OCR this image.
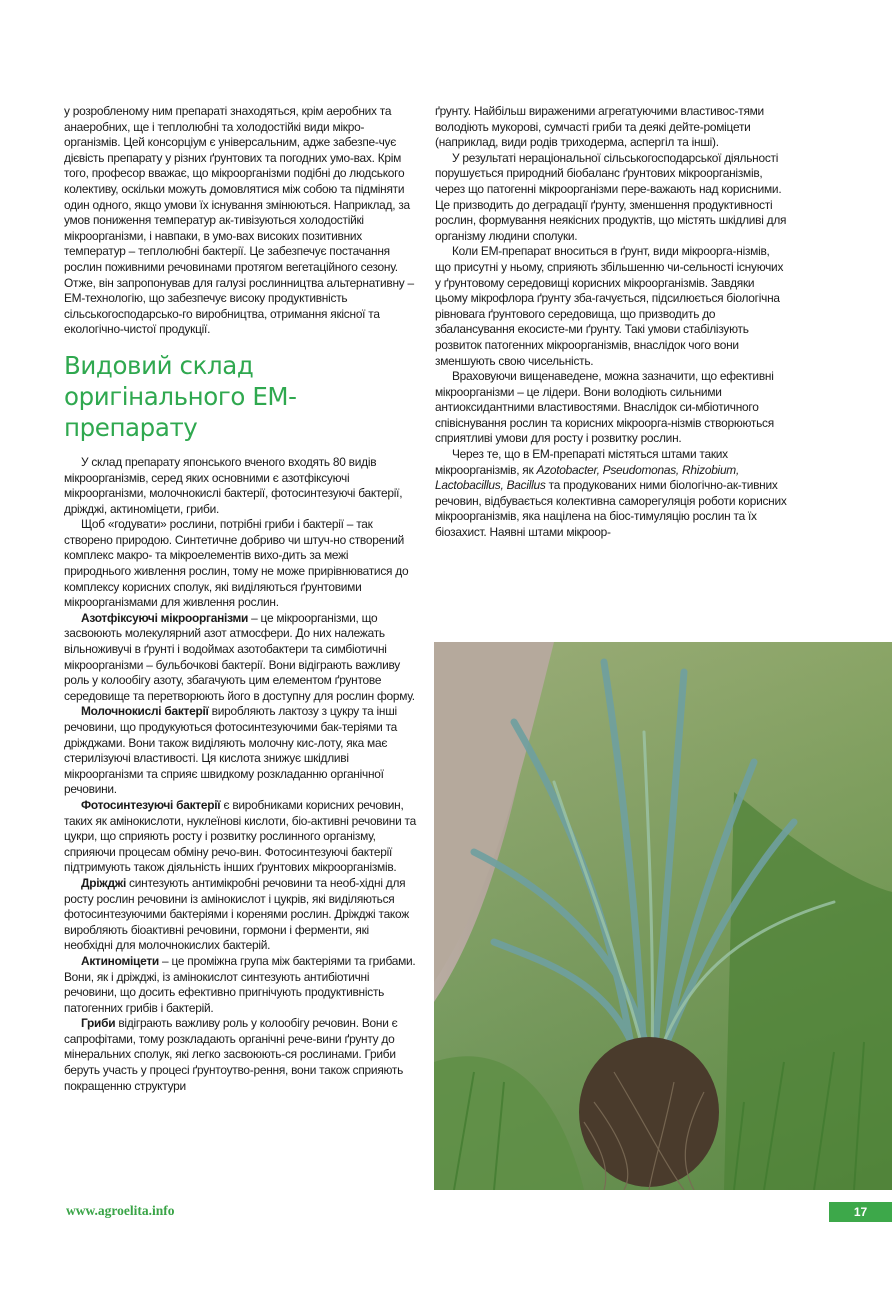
у розробленому ним препараті знаходяться, крім аеробних та анаеробних, ще і теплолюбні та холодостійкі види мікро-організмів. Цей консорціум є універсальним, адже забезпе-чує дієвість препарату у різних ґрунтових та погодних умо-вах. Крім того, професор вважає, що мікроорганізми подібні до людського колективу, оскільки можуть домовлятися між собою та підміняти один одного, якщо умови їх існування змінюються. Наприклад, за умов пониження температур ак-тивізуються холодостійкі мікроорганізми, і навпаки, в умо-вах високих позитивних температур – теплолюбні бактерії. Це забезпечує постачання рослин поживними речовинами протягом вегетаційного сезону. Отже, він запропонував для галузі рослинництва альтернативну – ЕМ-технологію, що забезпечує високу продуктивність сільськогосподарсько-го виробництва, отримання якісної та екологічно-чистої продукції.

Видовий склад оригінального ЕМ-препарату

У склад препарату японського вченого входять 80 видів мікроорганізмів, серед яких основними є азотфіксуючі мікроорганізми, молочнокислі бактерії, фотосинтезуючі бактерії, дріжджі, актиноміцети, гриби.

Щоб «годувати» рослини, потрібні гриби і бактерії – так створено природою. Синтетичне добриво чи штуч-но створений комплекс макро- та мікроелементів вихо-дить за межі природнього живлення рослин, тому не може прирівнюватися до комплексу корисних сполук, які виділяються ґрунтовими мікроорганізмами для живлення рослин.

Азотфіксуючі мікроорганізми – це мікроорганізми, що засвоюють молекулярний азот атмосфери. До них належать вільноживучі в ґрунті і водоймах азотобактери та симбіотичні мікроорганізми – бульбочкові бактерії. Вони відіграють важливу роль у колообігу азоту, збагачують цим елементом ґрунтове середовище та перетворюють його в доступну для рослин форму.

Молочнокислі бактерії виробляють лактозу з цукру та інші речовини, що продукуються фотосинтезуючими бак-теріями та дріжджами. Вони також виділяють молочну кис-лоту, яка має стерилізуючі властивості. Ця кислота знижує шкідливі мікроорганізми та сприяє швидкому розкладанню органічної речовини.

Фотосинтезуючі бактерії є виробниками корисних речовин, таких як амінокислоти, нуклеїнові кислоти, біо-активні речовини та цукри, що сприяють росту і розвитку рослинного організму, сприяючи процесам обміну речо-вин. Фотосинтезуючі бактерії підтримують також діяльність інших ґрунтових мікроорганізмів.

Дріжджі синтезують антимікробні речовини та необ-хідні для росту рослин речовини із амінокислот і цукрів, які виділяються фотосинтезуючими бактеріями і коренями рослин. Дріжджі також виробляють біоактивні речовини, гормони і ферменти, які необхідні для молочнокислих бактерій.

Актиноміцети – це проміжна група між бактеріями та грибами. Вони, як і дріжджі, із амінокислот синтезують антибіотичні речовини, що досить ефективно пригнічують продуктивність патогенних грибів і бактерій.

Гриби відіграють важливу роль у колообігу речовин. Вони є сапрофітами, тому розкладають органічні рече-вини ґрунту до мінеральних сполук, які легко засвоюють-ся рослинами. Гриби беруть участь у процесі ґрунтоутво-рення, вони також сприяють покращенню структури

ґрунту. Найбільш вираженими агрегатуючими властивос-тями володіють мукорові, сумчасті гриби та деякі дейте-роміцети (наприклад, види родів триходерма, аспергіл та інші).

У результаті нераціональної сільськогосподарської діяльності порушується природний біобаланс ґрунтових мікроорганізмів, через що патогенні мікроорганізми пере-важають над корисними. Це призводить до деградації ґрунту, зменшення продуктивності рослин, формування неякісних продуктів, що містять шкідливі для організму людини сполуки.

Коли ЕМ-препарат вноситься в ґрунт, види мікроорга-нізмів, що присутні у ньому, сприяють збільшенню чи-сельності існуючих у ґрунтовому середовищі корисних мікроорганізмів. Завдяки цьому мікрофлора ґрунту зба-гачується, підсилюється біологічна рівновага ґрунтового середовища, що призводить до збалансування екосисте-ми ґрунту. Такі умови стабілізують розвиток патогенних мікроорганізмів, внаслідок чого вони зменшують свою чисельність.

Враховуючи вищенаведене, можна зазначити, що ефективні мікроорганізми – це лідери. Вони володіють сильними антиоксидантними властивостями. Внаслідок си-мбіотичного співіснування рослин та корисних мікроорга-нізмів створюються сприятливі умови для росту і розвитку рослин.

Через те, що в ЕМ-препараті містяться штами таких мікроорганізмів, як Azotobacter, Pseudomonas, Rhizobium, Lactobacillus, Bacillus та продукованих ними біологічно-ак-тивних речовин, відбувається колективна саморегуляція роботи корисних мікроорганізмів, яка націлена на біос-тимуляцію рослин та їх біозахист. Наявні штами мікроор-

www.agroelita.info	17
